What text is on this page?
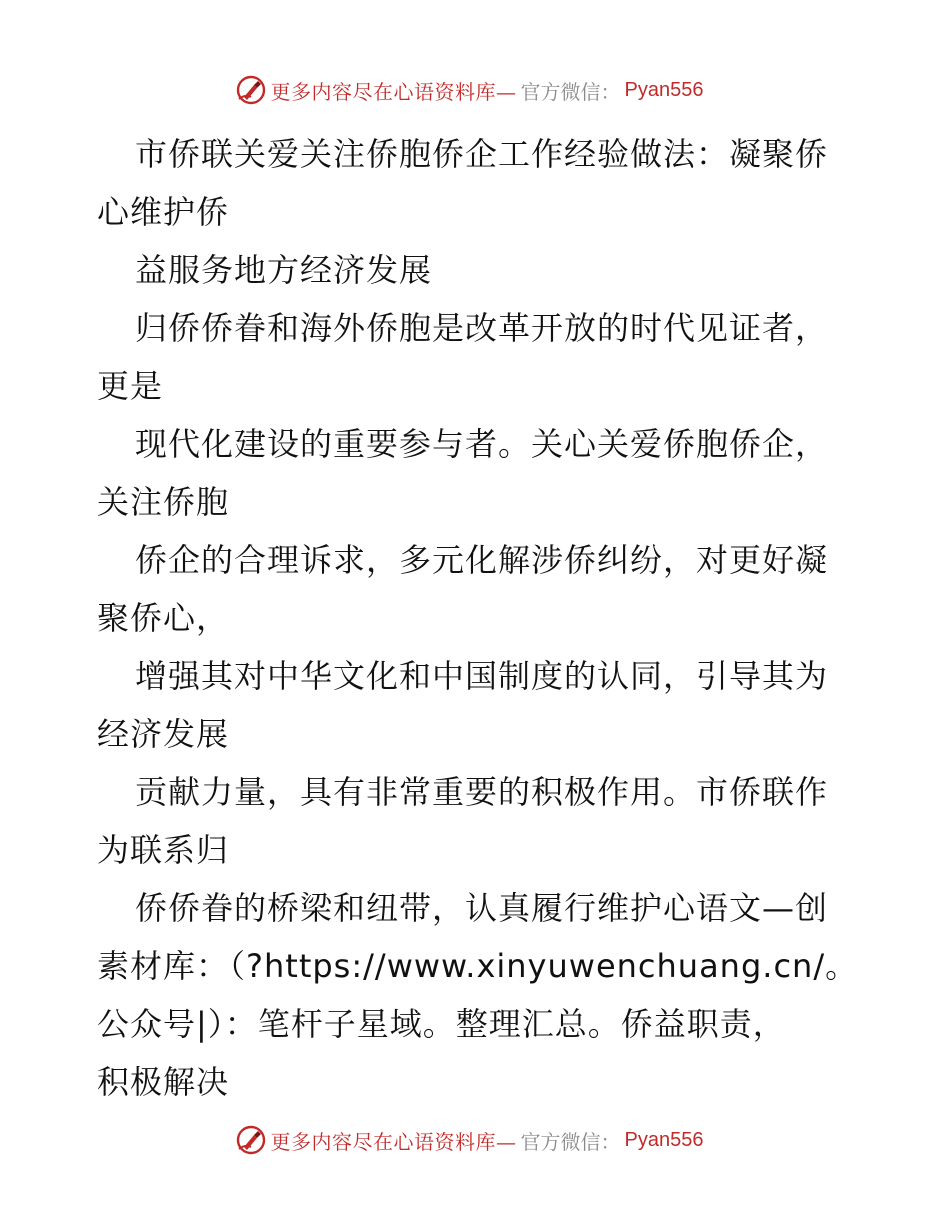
更多内容尽在心语资料库— 官方微信： Pyan556
市侨联关爱关注侨胞侨企工作经验做法：凝聚侨
心维护侨
益服务地方经济发展
归侨侨眷和海外侨胞是改革开放的时代见证者，
更是
现代化建设的重要参与者。关心关爱侨胞侨企，
关注侨胞
侨企的合理诉求，多元化解涉侨纠纷，对更好凝
聚侨心，
增强其对中华文化和中国制度的认同，引导其为
经济发展
贡献力量，具有非常重要的积极作用。市侨联作
为联系归
侨侨眷的桥梁和纽带，认真履行维护心语文—创
素材库：（?https://www.xinyuwenchuang.cn/。
公众号|）：笔杆子星域。整理汇总。侨益职责，
积极解决
更多内容尽在心语资料库— 官方微信： Pyan556
